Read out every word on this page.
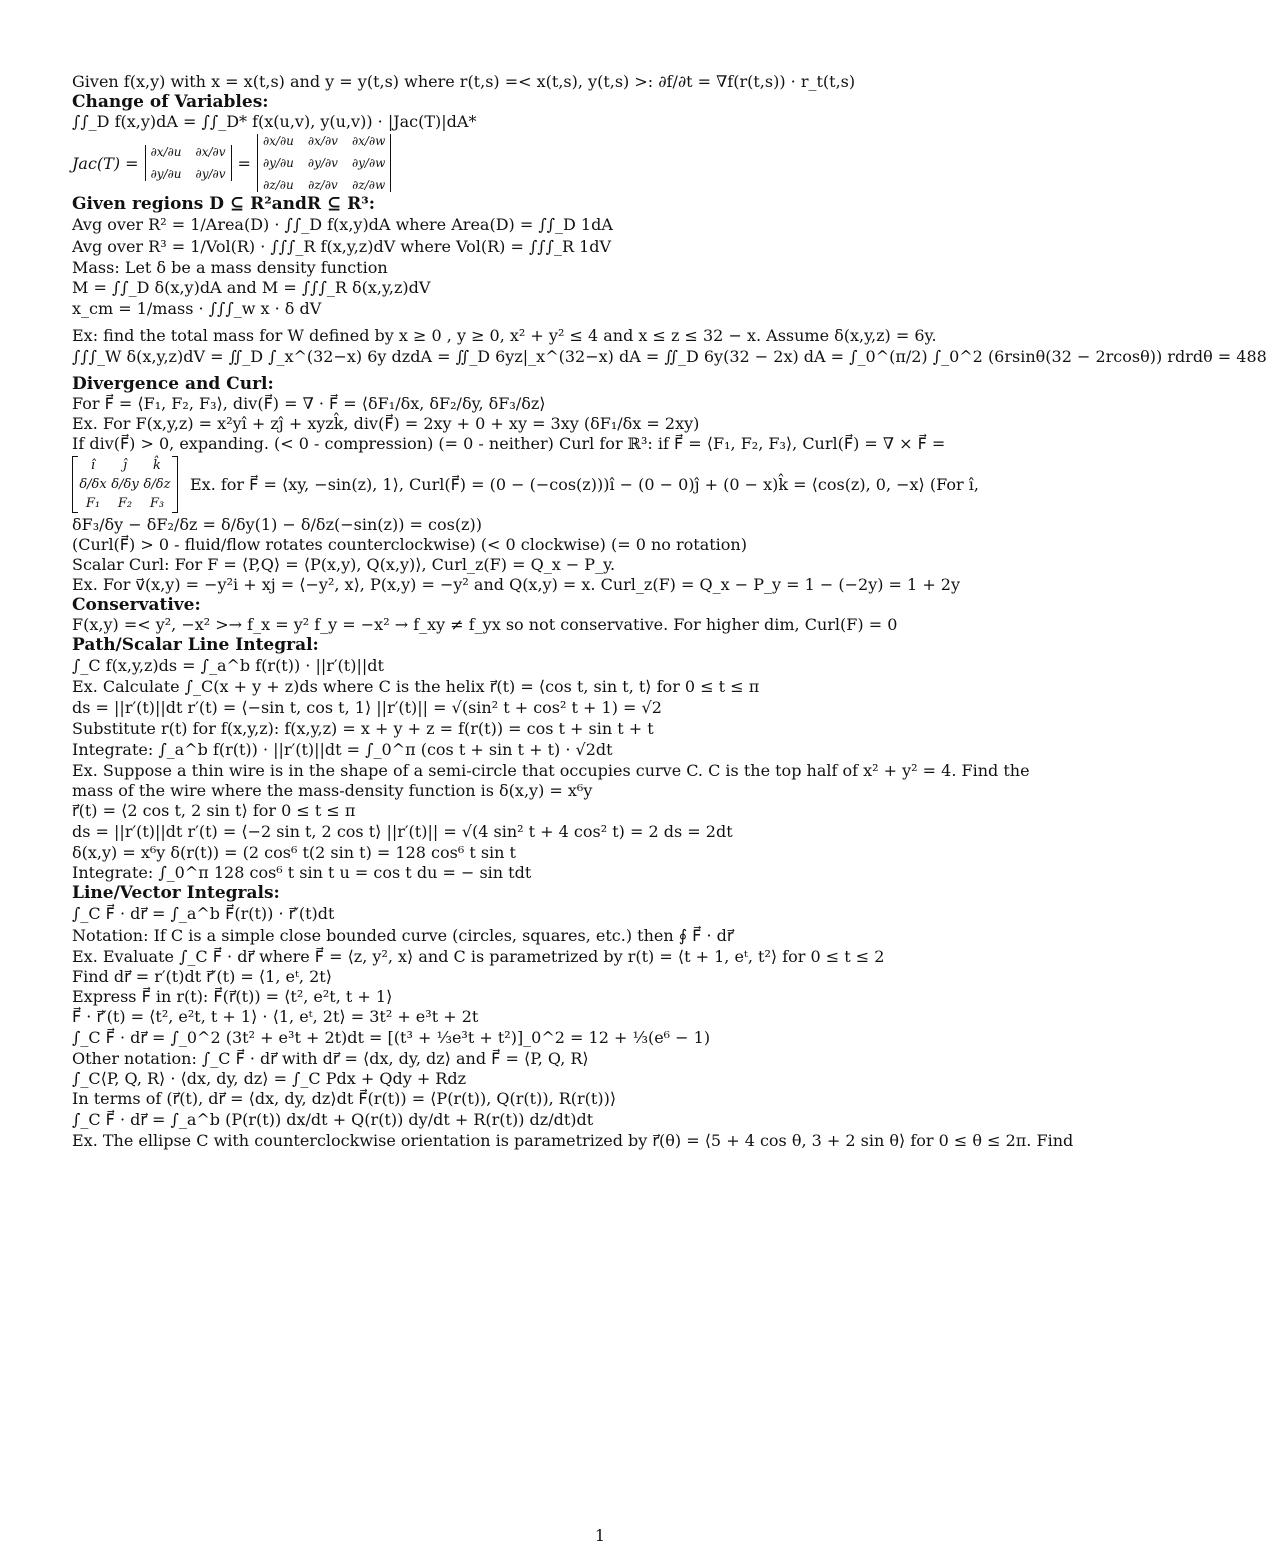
Given f(x,y) with x = x(t,s) and y = y(t,s) where r(t,s) =< x(t,s), y(t,s) >: ∂f/∂t = ∇f(r(t,s)) · r_t(t,s)
Change of Variables:
∫∫_D f(x,y)dA = ∫∫_D* f(x(u,v), y(u,v)) · |Jac(T)|dA*
Jac(T) =
∂x/∂u ∂x/∂v
∂y/∂u ∂y/∂v
=
∂x/∂u ∂x/∂v ∂x/∂w
∂y/∂u ∂y/∂v ∂y/∂w
∂z/∂u ∂z/∂v ∂z/∂w
Given regions D ⊆ R²andR ⊆ R³:
Avg over R² = 1/Area(D) · ∫∫_D f(x,y)dA where Area(D) = ∫∫_D 1dA
Avg over R³ = 1/Vol(R) · ∫∫∫_R f(x,y,z)dV where Vol(R) = ∫∫∫_R 1dV
Mass: Let δ be a mass density function
M = ∫∫_D δ(x,y)dA and M = ∫∫∫_R δ(x,y,z)dV
x_cm = 1/mass · ∫∫∫_w x · δ dV
Ex: find the total mass for W defined by x ≥ 0 , y ≥ 0, x² + y² ≤ 4 and x ≤ z ≤ 32 − x. Assume δ(x,y,z) = 6y.
∫∫∫_W δ(x,y,z)dV = ∬_D ∫_x^(32−x) 6y dzdA = ∬_D 6yz|_x^(32−x) dA = ∬_D 6y(32 − 2x) dA = ∫_0^(π/2) ∫_0^2 (6rsinθ(32 − 2rcosθ)) rdrdθ = 488
Divergence and Curl:
For F⃗ = ⟨F₁, F₂, F₃⟩, div(F⃗) = ∇ · F⃗ = ⟨δF₁/δx, δF₂/δy, δF₃/δz⟩
Ex. For F(x,y,z) = x²yî + zĵ + xyzk̂, div(F⃗) = 2xy + 0 + xy = 3xy (δF₁/δx = 2xy)
If div(F⃗) > 0, expanding. (< 0 - compression) (= 0 - neither) Curl for ℝ³: if F⃗ = ⟨F₁, F₂, F₃⟩, Curl(F⃗) = ∇ × F⃗ =
î	ĵ	k̂
δ/δx δ/δy δ/δz
F₁	F₂	F₃
Ex. for F⃗ = ⟨xy, −sin(z), 1⟩, Curl(F⃗) = (0 − (−cos(z)))î − (0 − 0)ĵ + (0 − x)k̂ = ⟨cos(z), 0, −x⟩ (For î,
δF₃/δy − δF₂/δz = δ/δy(1) − δ/δz(−sin(z)) = cos(z))
(Curl(F⃗) > 0 - fluid/flow rotates counterclockwise) (< 0 clockwise) (= 0 no rotation)
Scalar Curl: For F = ⟨P,Q⟩ = ⟨P(x,y), Q(x,y)⟩, Curl_z(F) = Q_x − P_y.
Ex. For v⃗(x,y) = −y²i + xj = ⟨−y², x⟩, P(x,y) = −y² and Q(x,y) = x. Curl_z(F) = Q_x − P_y = 1 − (−2y) = 1 + 2y
Conservative:
F(x,y) =< y², −x² >→ f_x = y² f_y = −x² → f_xy ≠ f_yx so not conservative. For higher dim, Curl(F) = 0
Path/Scalar Line Integral:
∫_C f(x,y,z)ds = ∫_a^b f(r(t)) · ||r′(t)||dt
Ex. Calculate ∫_C(x + y + z)ds where C is the helix r⃗(t) = ⟨cos t, sin t, t⟩ for 0 ≤ t ≤ π
ds = ||r′(t)||dt r′(t) = ⟨−sin t, cos t, 1⟩ ||r′(t)|| = √(sin² t + cos² t + 1) = √2
Substitute r(t) for f(x,y,z): f(x,y,z) = x + y + z = f(r(t)) = cos t + sin t + t
Integrate: ∫_a^b f(r(t)) · ||r′(t)||dt = ∫_0^π (cos t + sin t + t) · √2dt
Ex. Suppose a thin wire is in the shape of a semi-circle that occupies curve C. C is the top half of x² + y² = 4. Find the
mass of the wire where the mass-density function is δ(x,y) = x⁶y
r⃗(t) = ⟨2 cos t, 2 sin t⟩ for 0 ≤ t ≤ π
ds = ||r′(t)||dt r′(t) = ⟨−2 sin t, 2 cos t⟩ ||r′(t)|| = √(4 sin² t + 4 cos² t) = 2 ds = 2dt
δ(x,y) = x⁶y δ(r(t)) = (2 cos⁶ t(2 sin t) = 128 cos⁶ t sin t
Integrate: ∫_0^π 128 cos⁶ t sin t u = cos t du = − sin tdt
Line/Vector Integrals:
∫_C F⃗ · dr⃗ = ∫_a^b F⃗(r(t)) · r⃗′(t)dt
Notation: If C is a simple close bounded curve (circles, squares, etc.) then ∮ F⃗ · dr⃗
Ex. Evaluate ∫_C F⃗ · dr⃗ where F⃗ = ⟨z, y², x⟩ and C is parametrized by r(t) = ⟨t + 1, eᵗ, t²⟩ for 0 ≤ t ≤ 2
Find dr⃗ = r′(t)dt r⃗′(t) = ⟨1, eᵗ, 2t⟩
Express F⃗ in r(t): F⃗(r⃗(t)) = ⟨t², e²t, t + 1⟩
F⃗ · r⃗′(t) = ⟨t², e²t, t + 1⟩ · ⟨1, eᵗ, 2t⟩ = 3t² + e³t + 2t
∫_C F⃗ · dr⃗ = ∫_0^2 (3t² + e³t + 2t)dt = [(t³ + ⅓e³t + t²)]_0^2 = 12 + ⅓(e⁶ − 1)
Other notation: ∫_C F⃗ · dr⃗ with dr⃗ = ⟨dx, dy, dz⟩ and F⃗ = ⟨P, Q, R⟩
∫_C⟨P, Q, R⟩ · ⟨dx, dy, dz⟩ = ∫_C Pdx + Qdy + Rdz
In terms of (r⃗(t), dr⃗ = ⟨dx, dy, dz⟩dt F⃗(r(t)) = ⟨P(r(t)), Q(r(t)), R(r(t))⟩
∫_C F⃗ · dr⃗ = ∫_a^b (P(r(t)) dx/dt + Q(r(t)) dy/dt + R(r(t)) dz/dt)dt
Ex. The ellipse C with counterclockwise orientation is parametrized by r⃗(θ) = ⟨5 + 4 cos θ, 3 + 2 sin θ⟩ for 0 ≤ θ ≤ 2π. Find
1
